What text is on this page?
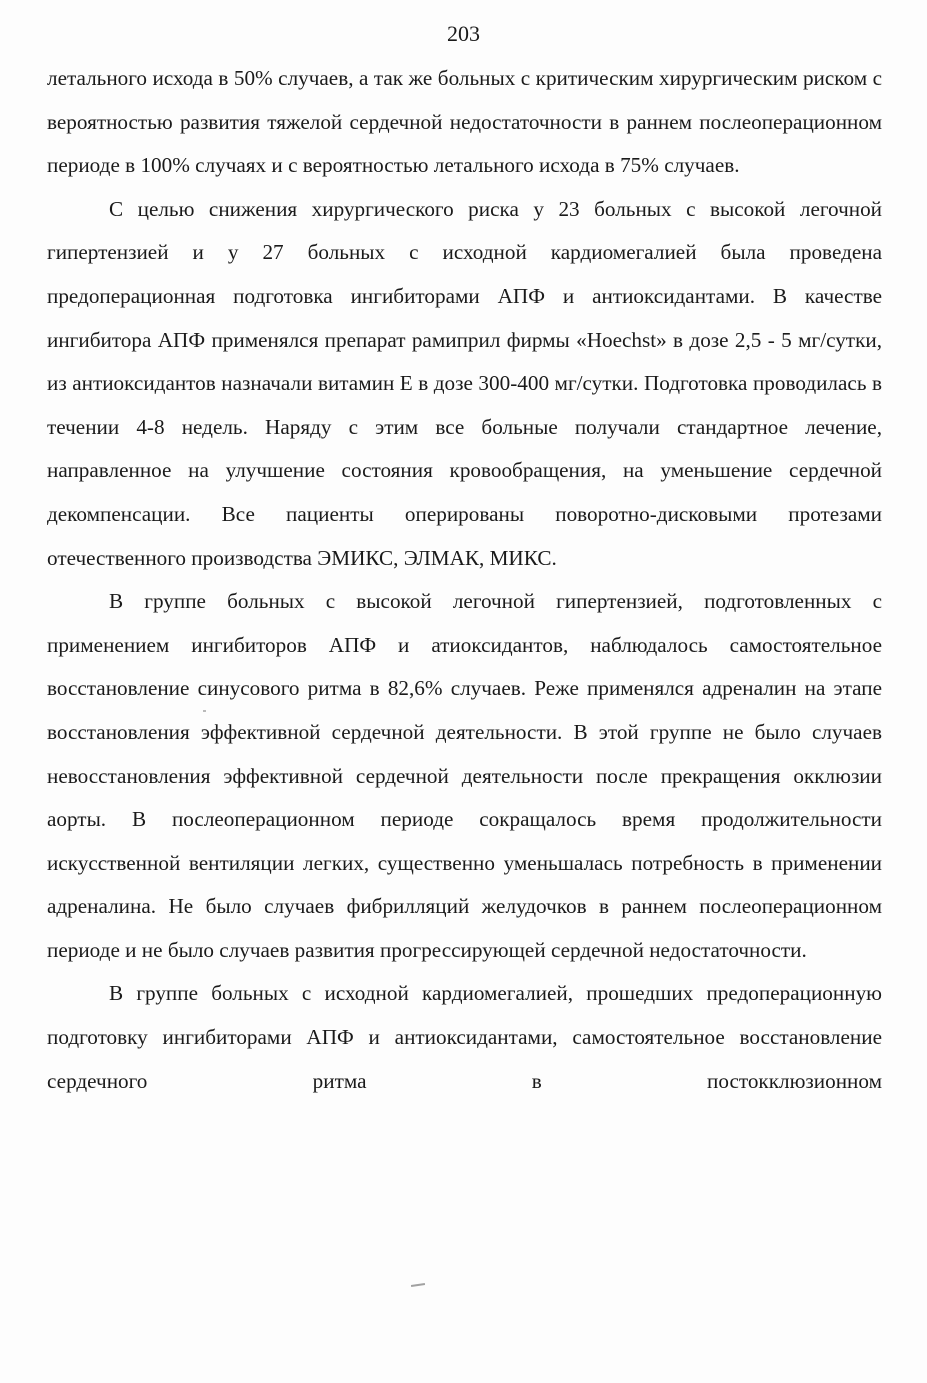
203

летального исхода в 50% случаев, а так же больных с критическим хирургическим риском с вероятностью развития тяжелой сердечной недостаточности в раннем послеоперационном периоде в 100% случаях и с вероятностью летального исхода в 75% случаев.

С целью снижения хирургического риска у 23 больных с высокой легочной гипертензией и у 27 больных с исходной кардиомегалией была проведена предоперационная подготовка ингибиторами АПФ и антиоксидантами. В качестве ингибитора АПФ применялся препарат рамиприл фирмы «Hoechst» в дозе 2,5 - 5 мг/сутки, из антиоксидантов назначали витамин Е в дозе 300-400 мг/сутки. Подготовка проводилась в течении 4-8 недель. Наряду с этим все больные получали стандартное лечение, направленное на улучшение состояния кровообращения, на уменьшение сердечной декомпенсации. Все пациенты оперированы поворотно-дисковыми протезами отечественного производства ЭМИКС, ЭЛМАК, МИКС.

В группе больных с высокой легочной гипертензией, подготовленных с применением ингибиторов АПФ и атиоксидантов, наблюдалось самостоятельное восстановление синусового ритма в 82,6% случаев. Реже применялся адреналин на этапе восстановления эффективной сердечной деятельности. В этой группе не было случаев невосстановления эффективной сердечной деятельности после прекращения окклюзии аорты. В послеоперационном периоде сокращалось время продолжительности искусственной вентиляции легких, существенно уменьшалась потребность в применении адреналина. Не было случаев фибрилляций желудочков в раннем послеоперационном периоде и не было случаев развития прогрессирующей сердечной недостаточности.

В группе больных с исходной кардиомегалией, прошедших предоперационную подготовку ингибиторами АПФ и антиоксидантами, самостоятельное восстановление сердечного ритма в постокклюзионном
